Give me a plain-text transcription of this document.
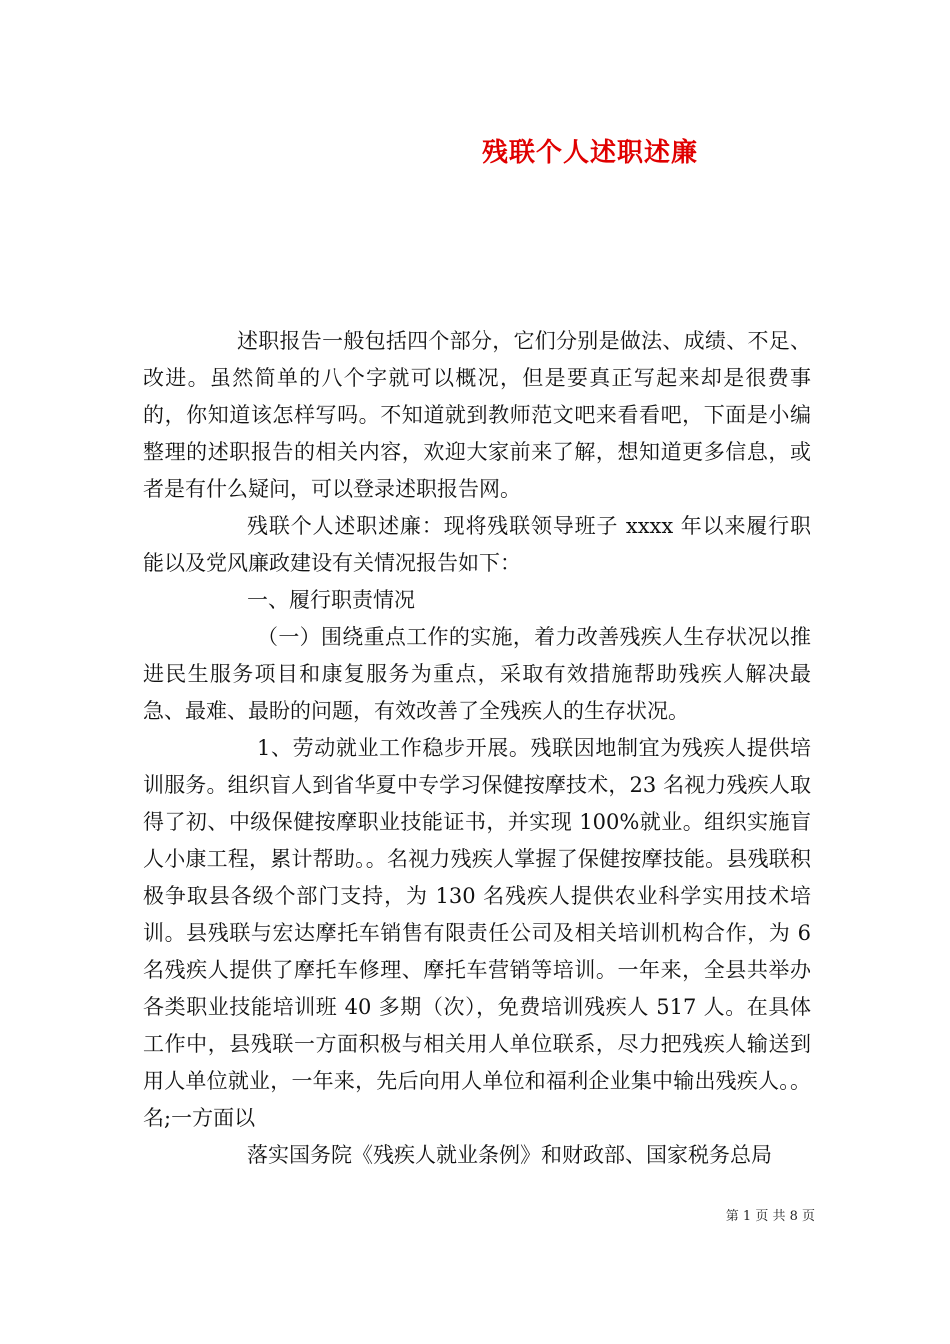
残联个人述职述廉

述职报告一般包括四个部分，它们分别是做法、成绩、不足、改进。虽然简单的八个字就可以概况，但是要真正写起来却是很费事的，你知道该怎样写吗。不知道就到教师范文吧来看看吧，下面是小编整理的述职报告的相关内容，欢迎大家前来了解，想知道更多信息，或者是有什么疑问，可以登录述职报告网。

残联个人述职述廉：现将残联领导班子 xxxx 年以来履行职能以及党风廉政建设有关情况报告如下：

一、履行职责情况

（一）围绕重点工作的实施，着力改善残疾人生存状况以推进民生服务项目和康复服务为重点，采取有效措施帮助残疾人解决最急、最难、最盼的问题，有效改善了全残疾人的生存状况。

1、劳动就业工作稳步开展。残联因地制宜为残疾人提供培训服务。组织盲人到省华夏中专学习保健按摩技术，23 名视力残疾人取得了初、中级保健按摩职业技能证书，并实现 100%就业。组织实施盲人小康工程，累计帮助。。名视力残疾人掌握了保健按摩技能。县残联积极争取县各级个部门支持，为 130 名残疾人提供农业科学实用技术培训。县残联与宏达摩托车销售有限责任公司及相关培训机构合作，为 6 名残疾人提供了摩托车修理、摩托车营销等培训。一年来，全县共举办各类职业技能培训班 40 多期（次），免费培训残疾人 517 人。在具体工作中，县残联一方面积极与相关用人单位联系，尽力把残疾人输送到用人单位就业，一年来，先后向用人单位和福利企业集中输出残疾人。。名;一方面以

落实国务院《残疾人就业条例》和财政部、国家税务总局

第 1 页 共 8 页
